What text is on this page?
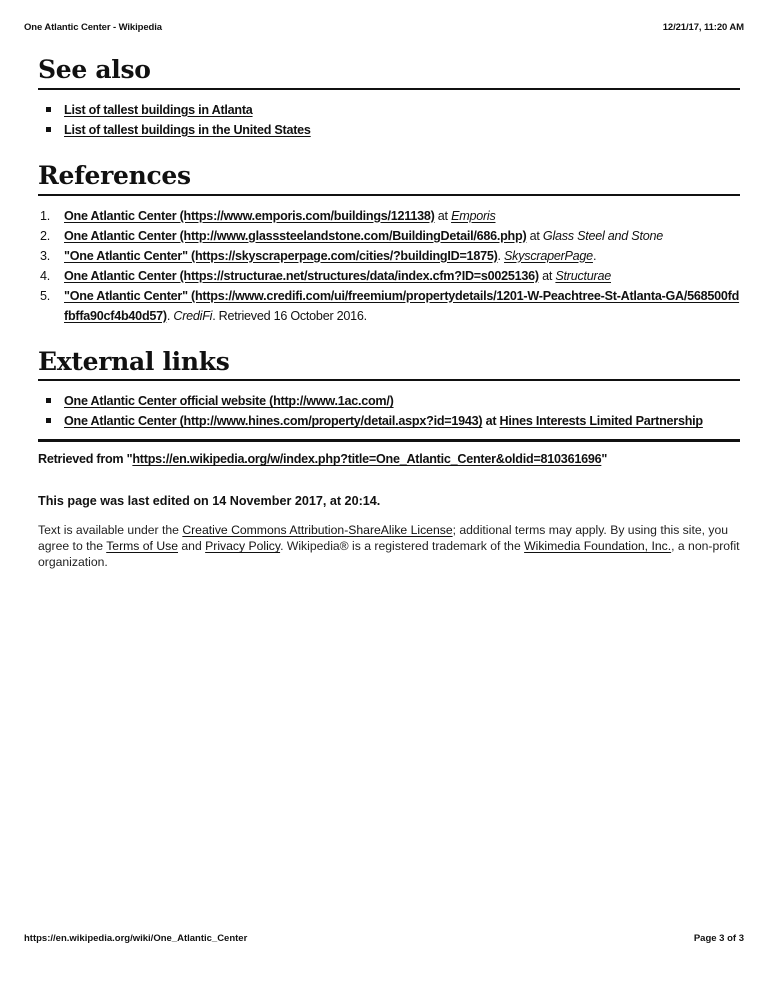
One Atlantic Center - Wikipedia	12/21/17, 11:20 AM
See also
List of tallest buildings in Atlanta
List of tallest buildings in the United States
References
1. One Atlantic Center (https://www.emporis.com/buildings/121138) at Emporis
2. One Atlantic Center (http://www.glasssteelandstone.com/BuildingDetail/686.php) at Glass Steel and Stone
3. "One Atlantic Center" (https://skyscraperpage.com/cities/?buildingID=1875). SkyscraperPage.
4. One Atlantic Center (https://structurae.net/structures/data/index.cfm?ID=s0025136) at Structurae
5. "One Atlantic Center" (https://www.credifi.com/ui/freemium/propertydetails/1201-W-Peachtree-St-Atlanta-GA/568500fdfbffa90cf4b40d57). CrediFi. Retrieved 16 October 2016.
External links
One Atlantic Center official website (http://www.1ac.com/)
One Atlantic Center (http://www.hines.com/property/detail.aspx?id=1943) at Hines Interests Limited Partnership
Retrieved from "https://en.wikipedia.org/w/index.php?title=One_Atlantic_Center&oldid=810361696"
This page was last edited on 14 November 2017, at 20:14.
Text is available under the Creative Commons Attribution-ShareAlike License; additional terms may apply. By using this site, you agree to the Terms of Use and Privacy Policy. Wikipedia® is a registered trademark of the Wikimedia Foundation, Inc., a non-profit organization.
https://en.wikipedia.org/wiki/One_Atlantic_Center	Page 3 of 3
